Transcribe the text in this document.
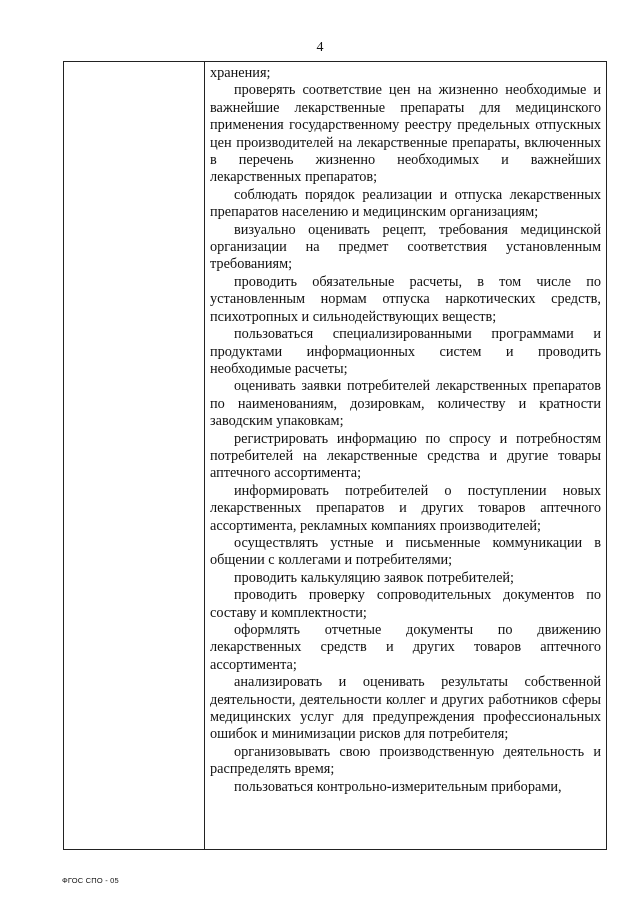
4

хранения;

проверять соответствие цен на жизненно необходимые и важнейшие лекарственные препараты для медицинского применения государственному реестру предельных отпускных цен производителей на лекарственные препараты, включенных в перечень жизненно необходимых и важнейших лекарственных препаратов;

соблюдать порядок реализации и отпуска лекарственных препаратов населению и медицинским организациям;

визуально оценивать рецепт, требования медицинской организации на предмет соответствия установленным требованиям;

проводить обязательные расчеты, в том числе по установленным нормам отпуска наркотических средств, психотропных и сильнодействующих веществ;

пользоваться специализированными программами и продуктами информационных систем и проводить необходимые расчеты;

оценивать заявки потребителей лекарственных препаратов по наименованиям, дозировкам, количеству и кратности заводским упаковкам;

регистрировать информацию по спросу и потребностям потребителей на лекарственные средства и другие товары аптечного ассортимента;

информировать потребителей о поступлении новых лекарственных препаратов и других товаров аптечного ассортимента, рекламных компаниях производителей;

осуществлять устные и письменные коммуникации в общении с коллегами и потребителями;

проводить калькуляцию заявок потребителей;

проводить проверку сопроводительных документов по составу и комплектности;

оформлять отчетные документы по движению лекарственных средств и других товаров аптечного ассортимента;

анализировать и оценивать результаты собственной деятельности, деятельности коллег и других работников сферы медицинских услуг для предупреждения профессиональных ошибок и минимизации рисков для потребителя;

организовывать свою производственную деятельность и распределять время;

пользоваться контрольно-измерительным приборами,

ФГОС СПО - 05
